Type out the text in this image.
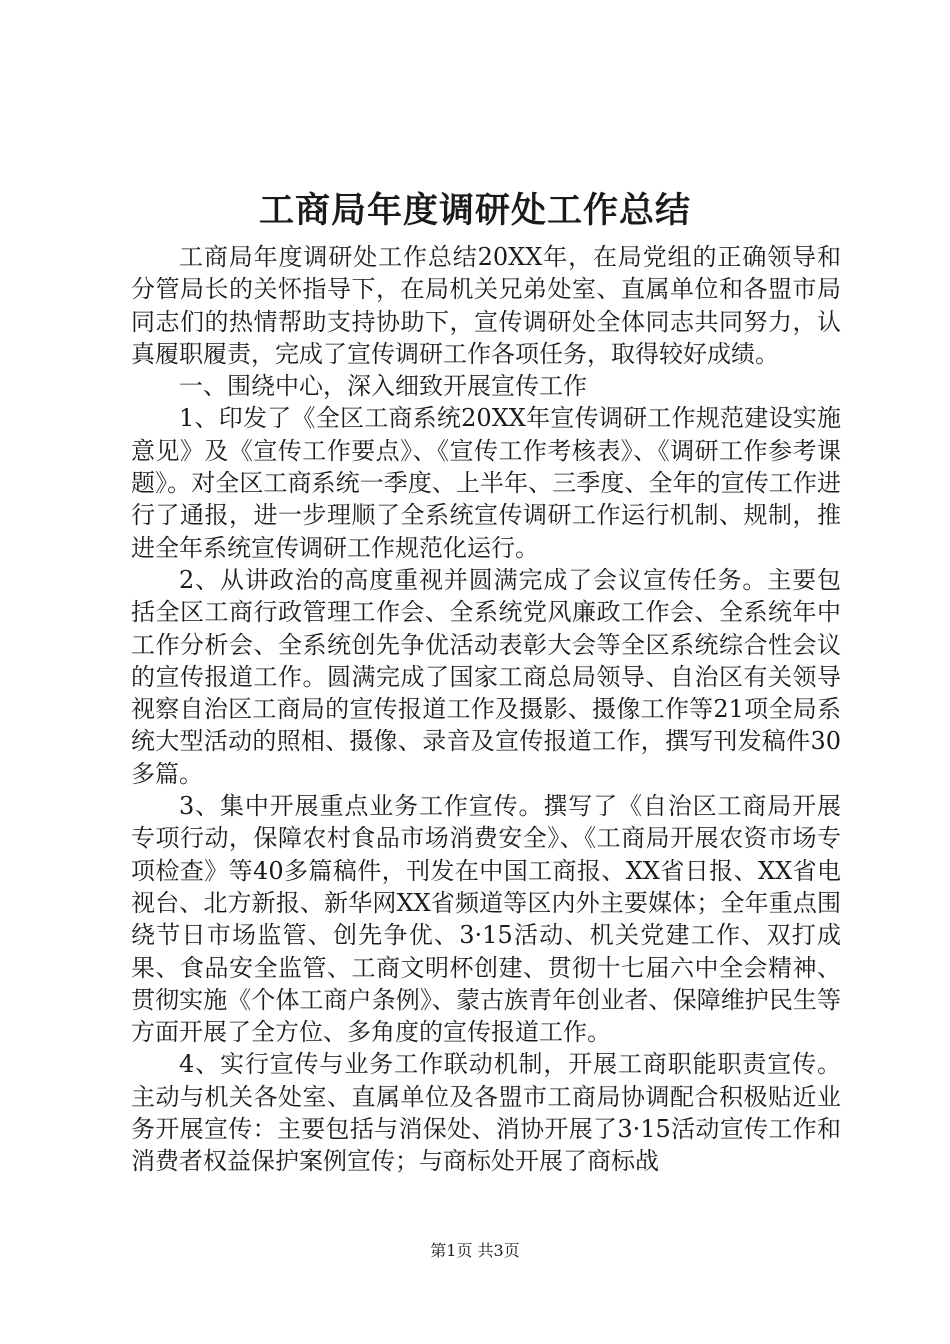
工商局年度调研处工作总结

工商局年度调研处工作总结20XX年，在局党组的正确领导和分管局长的关怀指导下，在局机关兄弟处室、直属单位和各盟市局同志们的热情帮助支持协助下，宣传调研处全体同志共同努力，认真履职履责，完成了宣传调研工作各项任务，取得较好成绩。

一、围绕中心，深入细致开展宣传工作

1、印发了《全区工商系统20XX年宣传调研工作规范建设实施意见》及《宣传工作要点》、《宣传工作考核表》、《调研工作参考课题》。对全区工商系统一季度、上半年、三季度、全年的宣传工作进行了通报，进一步理顺了全系统宣传调研工作运行机制、规制，推进全年系统宣传调研工作规范化运行。

2、从讲政治的高度重视并圆满完成了会议宣传任务。主要包括全区工商行政管理工作会、全系统党风廉政工作会、全系统年中工作分析会、全系统创先争优活动表彰大会等全区系统综合性会议的宣传报道工作。圆满完成了国家工商总局领导、自治区有关领导视察自治区工商局的宣传报道工作及摄影、摄像工作等21项全局系统大型活动的照相、摄像、录音及宣传报道工作，撰写刊发稿件30多篇。

3、集中开展重点业务工作宣传。撰写了《自治区工商局开展专项行动，保障农村食品市场消费安全》、《工商局开展农资市场专项检查》等40多篇稿件，刊发在中国工商报、XX省日报、XX省电视台、北方新报、新华网XX省频道等区内外主要媒体；全年重点围绕节日市场监管、创先争优、3·15活动、机关党建工作、双打成果、食品安全监管、工商文明杯创建、贯彻十七届六中全会精神、贯彻实施《个体工商户条例》、蒙古族青年创业者、保障维护民生等方面开展了全方位、多角度的宣传报道工作。

4、实行宣传与业务工作联动机制，开展工商职能职责宣传。主动与机关各处室、直属单位及各盟市工商局协调配合积极贴近业务开展宣传：主要包括与消保处、消协开展了3·15活动宣传工作和消费者权益保护案例宣传；与商标处开展了商标战

第1页 共3页
